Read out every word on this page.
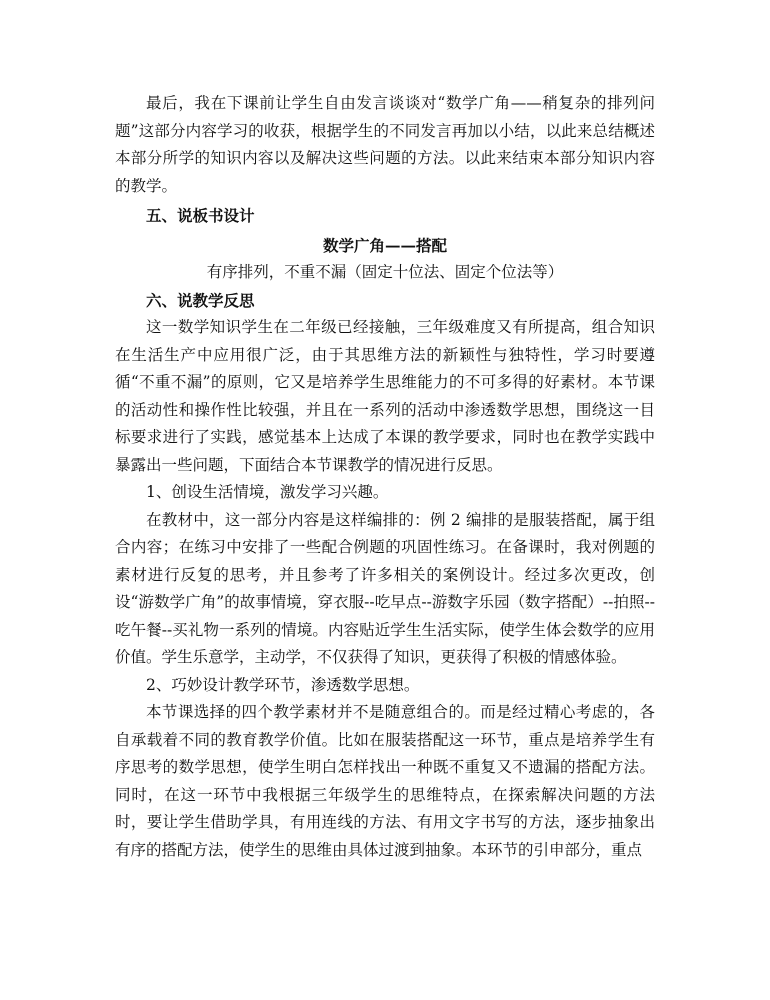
最后，我在下课前让学生自由发言谈谈对“数学广角——稍复杂的排列问题”这部分内容学习的收获，根据学生的不同发言再加以小结，以此来总结概述本部分所学的知识内容以及解决这些问题的方法。以此来结束本部分知识内容的教学。

五、说板书设计

数学广角——搭配

有序排列，不重不漏（固定十位法、固定个位法等）

六、说教学反思

这一数学知识学生在二年级已经接触，三年级难度又有所提高，组合知识在生活生产中应用很广泛，由于其思维方法的新颖性与独特性，学习时要遵循“不重不漏”的原则，它又是培养学生思维能力的不可多得的好素材。本节课的活动性和操作性比较强，并且在一系列的活动中渗透数学思想，围绕这一目标要求进行了实践，感觉基本上达成了本课的教学要求，同时也在教学实践中暴露出一些问题，下面结合本节课教学的情况进行反思。

1、创设生活情境，激发学习兴趣。

在教材中，这一部分内容是这样编排的：例 2 编排的是服装搭配，属于组合内容；在练习中安排了一些配合例题的巩固性练习。在备课时，我对例题的素材进行反复的思考，并且参考了许多相关的案例设计。经过多次更改，创设“游数学广角”的故事情境，穿衣服--吃早点--游数字乐园（数字搭配）--拍照--吃午餐--买礼物一系列的情境。内容贴近学生生活实际，使学生体会数学的应用价值。学生乐意学，主动学，不仅获得了知识，更获得了积极的情感体验。

2、巧妙设计教学环节，渗透数学思想。

本节课选择的四个教学素材并不是随意组合的。而是经过精心考虑的，各自承载着不同的教育教学价值。比如在服装搭配这一环节，重点是培养学生有序思考的数学思想，使学生明白怎样找出一种既不重复又不遗漏的搭配方法。同时，在这一环节中我根据三年级学生的思维特点，在探索解决问题的方法时，要让学生借助学具，有用连线的方法、有用文字书写的方法，逐步抽象出有序的搭配方法，使学生的思维由具体过渡到抽象。本环节的引申部分，重点
